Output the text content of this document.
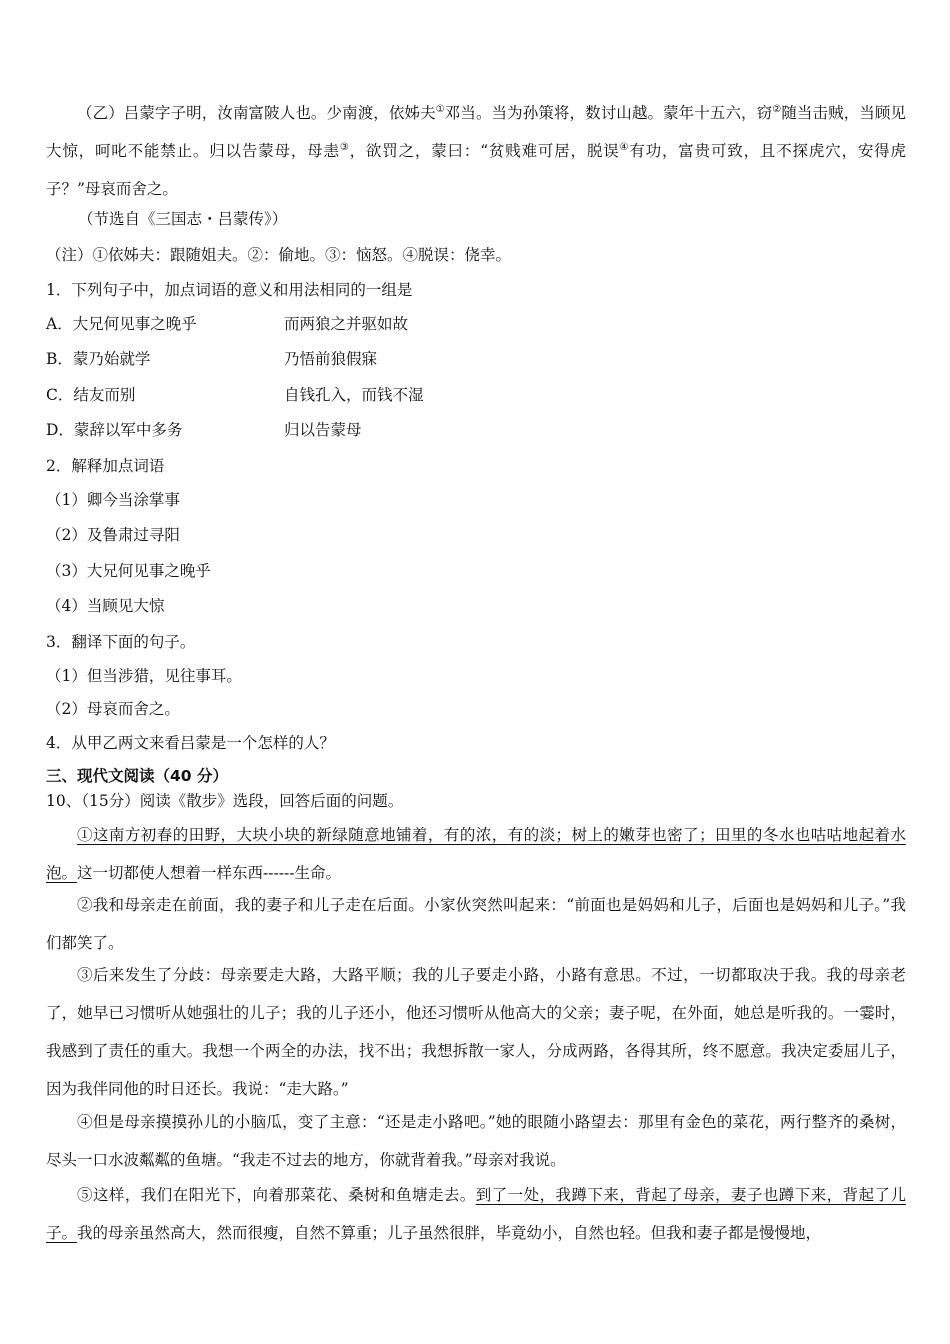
（乙）吕蒙字子明，汝南富陂人也。少南渡，依姊夫①邓当。当为孙策将，数讨山越。蒙年十五六，窃②随当击贼，当顾见大惊，呵叱不能禁止。归以告蒙母，母恚③，欲罚之，蒙曰：“贫贱难可居，脱误④有功，富贵可致，且不探虎穴，安得虎子？”母哀而舍之。
（节选自《三国志・吕蒙传》）
（注）①依姊夫：跟随姐夫。②：偷地。③：恼怒。④脱误：侥幸。
1．下列句子中，加点词语的意义和用法相同的一组是
A．大兄何见事之晚乎	而两狼之并驱如故
B．蒙乃始就学	乃悟前狼假寐
C．结友而别	自钱孔入，而钱不湿
D．蒙辞以军中多务	归以告蒙母
2．解释加点词语
（1）卿今当涂掌事
（2）及鲁肃过寻阳
（3）大兄何见事之晚乎
（4）当顾见大惊
3．翻译下面的句子。
（1）但当涉猎，见往事耳。
（2）母哀而舍之。
4．从甲乙两文来看吕蒙是一个怎样的人？
三、现代文阅读（40 分）
10、（15分）阅读《散步》选段，回答后面的问题。
①这南方初春的田野，大块小块的新绿随意地铺着，有的浓，有的淡；树上的嫩芽也密了；田里的冬水也咕咕地起着水泡。这一切都使人想着一样东西------生命。
②我和母亲走在前面，我的妻子和儿子走在后面。小家伙突然叫起来：“前面也是妈妈和儿子，后面也是妈妈和儿子。”我们都笑了。
③后来发生了分歧：母亲要走大路，大路平顺；我的儿子要走小路，小路有意思。不过，一切都取决于我。我的母亲老了，她早已习惯听从她强壮的儿子；我的儿子还小，他还习惯听从他高大的父亲；妻子呢，在外面，她总是听我的。一霎时，我感到了责任的重大。我想一个两全的办法，找不出；我想拆散一家人，分成两路，各得其所，终不愿意。我决定委屈儿子，因为我伴同他的时日还长。我说：“走大路。”
④但是母亲摸摸孙儿的小脑瓜，变了主意：“还是走小路吧。”她的眼随小路望去：那里有金色的菜花，两行整齐的桑树，尽头一口水波粼粼的鱼塘。“我走不过去的地方，你就背着我。”母亲对我说。
⑤这样，我们在阳光下，向着那菜花、桑树和鱼塘走去。到了一处，我蹲下来，背起了母亲，妻子也蹲下来，背起了儿子。我的母亲虽然高大，然而很瘦，自然不算重；儿子虽然很胖，毕竟幼小，自然也轻。但我和妻子都是慢慢地，
